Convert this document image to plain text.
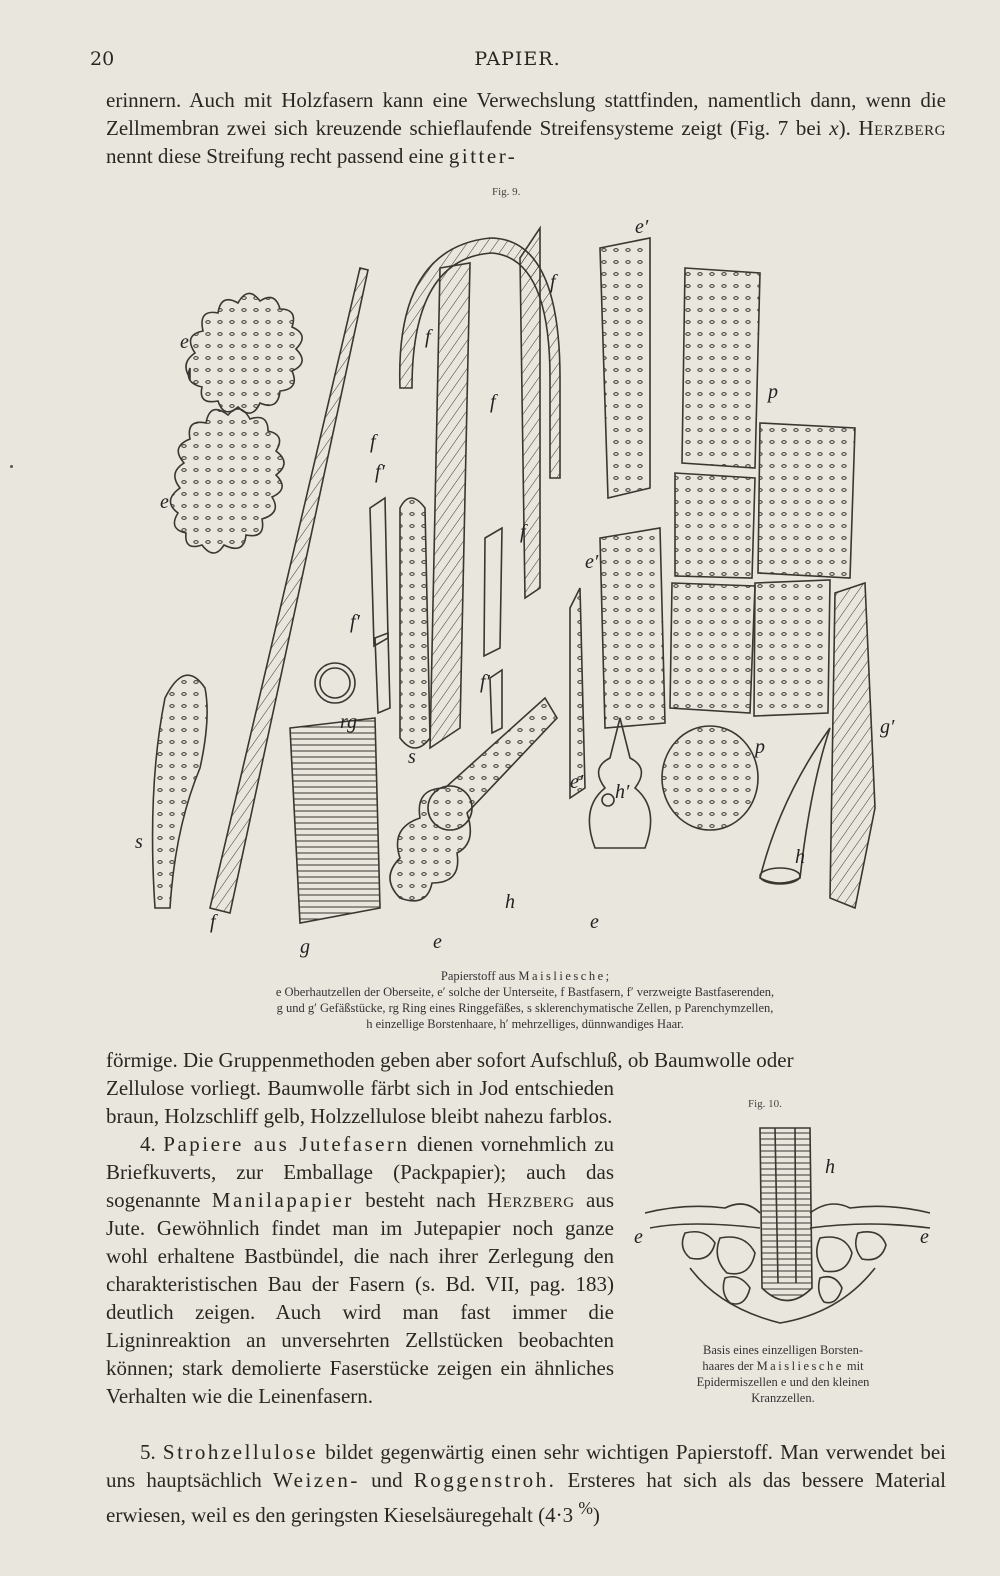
20	PAPIER.
erinnern. Auch mit Holzfasern kann eine Verwechslung stattfinden, namentlich dann, wenn die Zellmembran zwei sich kreuzende schieflaufende Streifensysteme zeigt (Fig. 7 bei x). Herzberg nennt diese Streifung recht passend eine gitter-
Fig. 9.
e
e
e
e
e′
e′
e′
f
f
f
f
f
f
f′
f′
f′
g
g′
rg
s
s
p
p
h
h
h′
Papierstoff aus Maisliesche;
e Oberhautzellen der Oberseite, e′ solche der Unterseite, f Bastfasern, f′ verzweigte Bastfaserenden,
g und g′ Gefäßstücke, rg Ring eines Ringgefäßes, s sklerenchymatische Zellen, p Parenchymzellen,
h einzellige Borstenhaare, h′ mehrzelliges, dünnwandiges Haar.
förmige. Die Gruppenmethoden geben aber sofort Aufschluß, ob Baumwolle oder
Zellulose vorliegt. Baumwolle färbt sich in Jod entschieden braun, Holzschliff gelb, Holzzellulose bleibt nahezu farblos.
4. Papiere aus Jutefasern dienen vornehmlich zu Briefkuverts, zur Emballage (Packpapier); auch das sogenannte Manilapapier besteht nach Herzberg aus Jute. Gewöhnlich findet man im Jutepapier noch ganze wohl erhaltene Bastbündel, die nach ihrer Zerlegung den charakteristischen Bau der Fasern (s. Bd. VII, pag. 183) deutlich zeigen. Auch wird man fast immer die Ligninreaktion an unversehrten Zellstücken beobachten können; stark demolierte Faserstücke zeigen ein ähnliches Verhalten wie die Leinenfasern.
Fig. 10.
h
e	e
Basis eines einzelligen Borsten-
haares der Maisliesche mit
Epidermiszellen e und den kleinen
Kranzzellen.
5. Strohzellulose bildet gegenwärtig einen sehr wichtigen Papierstoff. Man verwendet bei uns hauptsächlich Weizen- und Roggenstroh. Ersteres hat sich als das bessere Material erwiesen, weil es den geringsten Kieselsäuregehalt (4·3 %)
